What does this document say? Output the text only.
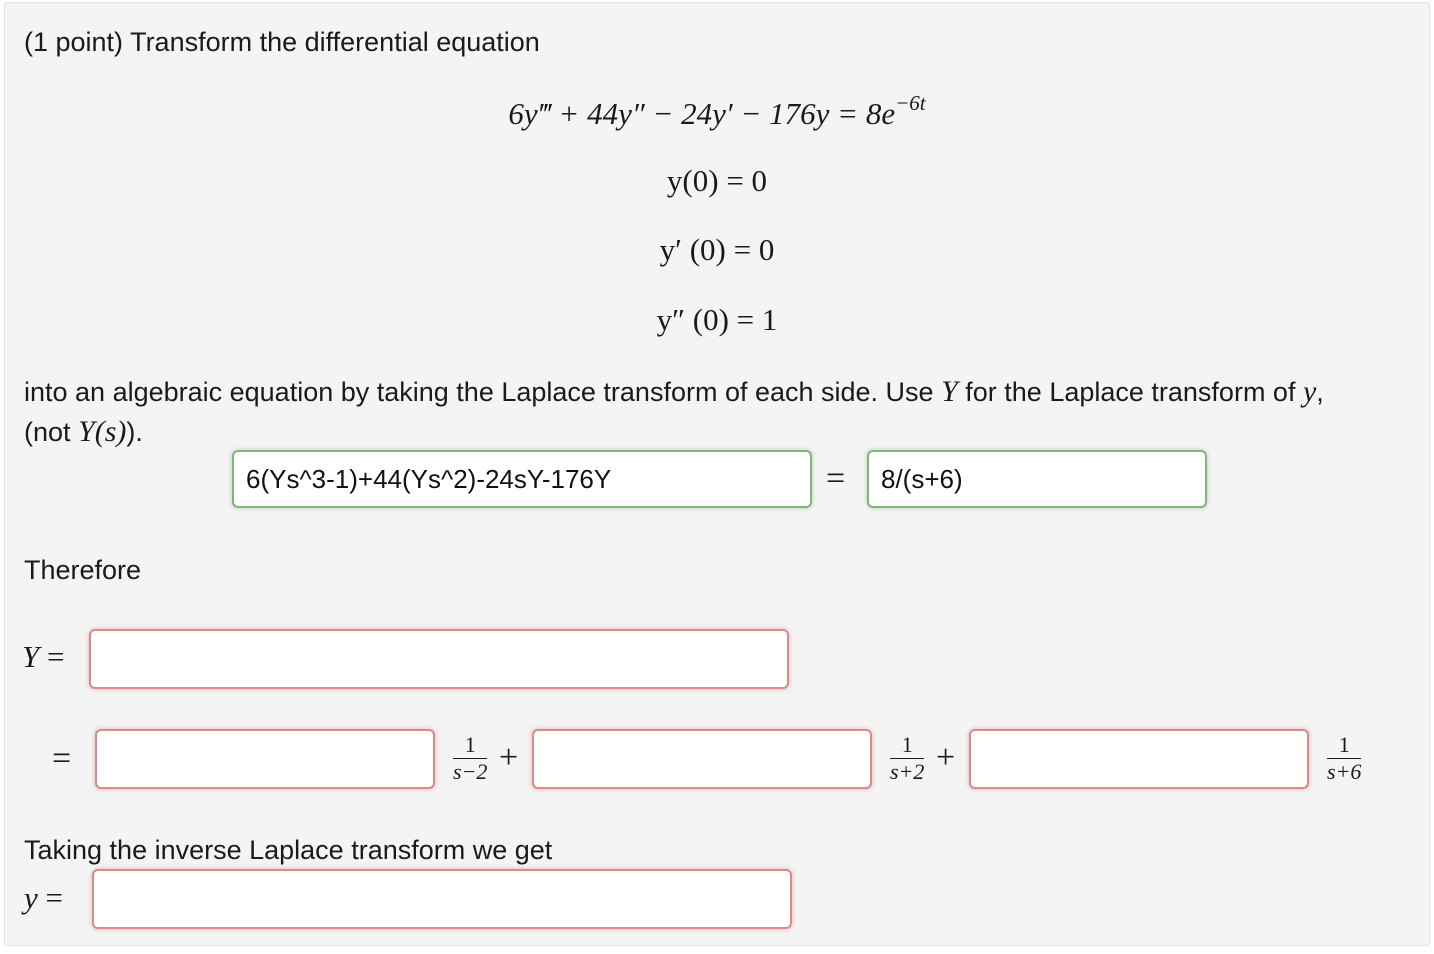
(1 point) Transform the differential equation
6y‴ + $44y'' - 24y' - 176y = 8e^{-6t}$
y(0) = 0
y′ (0) = 0
y″ (0) = 1
into an algebraic equation by taking the Laplace transform of each side. Use Y for the Laplace transform of y,
(not Y(s)).
6(Ys^3-1)+44(Ys^2)-24sY-176Y	=	8/(s+6)
Therefore
Y =
=	$\frac{1}{s-2}$ +	$\frac{1}{s+2}$ +	$\frac{1}{s+6}$
Taking the inverse Laplace transform we get
y =
